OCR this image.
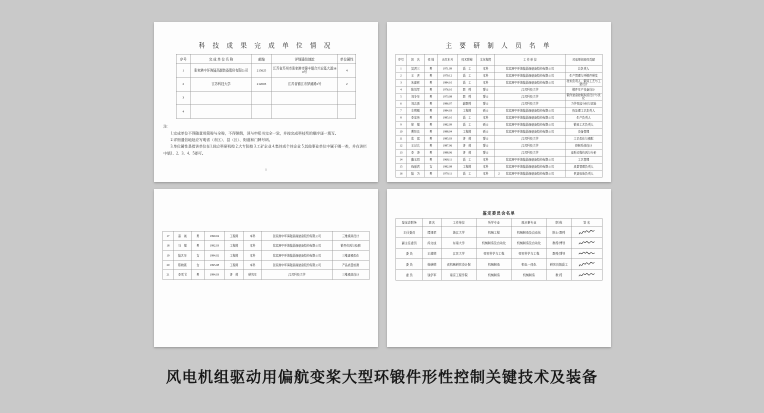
科 技 成 果 完 成 单 位 情 况
序号	完 成 单 位 名 称	邮编	详细通信地址	单位属性
1	张家港中环海陆高端装备股份有限公司	215625	江苏省苏州市张家港市锦丰镇合兴宏基大道380号	4
2	江苏科技大学	212003	江苏省镇江市梦溪路2号	2
3				
4				
注：
1.完成单位不得随意用简称与全称，不得颠倒，须与申报书完全一致，并按完成科技奖的顺序逐一填写。
2.详细通信地址应写明省（市区）、县（区）、街道和门牌号码。
3.单位属性是指该单位在1.独立科研机构 2.大专院校 3.工矿企业 4.集体或个体企业 5.其他事业单位中属于哪一类，并在该栏中填1、2、3、4、5即可。
1
主 要 研 制 人 员 名 单
序号	姓　名	性 别	出生年月	技术职称	文化程度	工 作 单 位	对成果创造性贡献
1	吴君三	男	1971.09	高　工	本科	张家港中环海陆高端装备股份有限公司	总负责人
2	王　洪	男	1979.12	高　工	本科	张家港中环海陆高端装备股份有限公司	生产管理与环锻件研发
3	朱建彬	男	1984.10	高　工	本科	张家港中环海陆高端装备股份有限公司	技术负责人、锻造工艺与工装设计
4	陈凤军	男	1976.10	教　授	博士	江苏科技大学	锻件生产设备设计
5	刘冬华	男	1973.08	教　授	博士	江苏科技大学	锻件装备控制系统设计与优化
6	刘志勇	男	1986.07	副教授	博士	江苏科技大学	力学性能分析与试验
7	左明刚	男	1984.03	工程师	硕士	张家港中环海陆高端装备股份有限公司	热处理工艺负责人
8	李宏伟	男	1985.10	高　工	本科	张家港中环海陆高端装备股份有限公司	生产负责人
9	徐　强	男	1982.09	高　工	硕士	张家港中环海陆高端装备股份有限公司	锻造工艺负责人
10	曹彭岳	男	1988.04	工程师	硕士	张家港中环海陆高端装备股份有限公司	设备管理
11	张　斌	男	1985.03	讲　师	博士	江苏科技大学	工艺优化与模拟
12	王记兵	男	1987.06	讲　师	博士	江苏科技大学	控制系统设计
13	李　涛	男	1988.06	讲　师	博士	江苏科技大学	成形过程仿真与分析
14	戴玉同	男	1968.11	高　工	本科	张家港中环海陆高端装备股份有限公司	工艺管理
15	钱丽君	女	1982.08	工程师	本科	张家港中环海陆高端装备股份有限公司	质量管理负责人
16	陆　为	男	1979.11	高　工	本科	张家港中环海陆高端装备股份有限公司	供货检验负责人
2
17	高　诚	男	1990.04	工程师	本科	张家港中环海陆高端装备股份有限公司	三维模具设计
18	马　强	男	1992.03	工程师	本科	张家港中环海陆高端装备股份有限公司	锻件仿真与检测
19	陆艺华	女	1994.02	工程师	本科	张家港中环海陆高端装备股份有限公司	三维建模优化
20	陈晓燕	女	1995.08	工程师	本科	张家港中环海陆高端装备股份有限公司	产品质量检测
21	李雪飞	男	1994.03	讲　师	研究生	江苏科技大学	三维模具设计
鉴定委员会名单
鉴定会职务	姓名	工作单位	所学专业	现从事专业	职 称	签 名
主任委员	谭建荣	浙江大学	机械工程	机械制造及自动化	院士/教授	

副主任委员	汤文成	东南大学	机械制造及自动化	机械制造及自动化	教授/博导	

委 员	王道明	江苏大学	材料科学与工程	材料科学与工程	教授/博导	

委 员	杨晓明	省机械研究设计院	机械制造	机电一体化	研究员级高工	

委 员	钱学军	南京工程学院	机械制造	机械制造	教 授	
风电机组驱动用偏航变桨大型环锻件形性控制关键技术及装备
